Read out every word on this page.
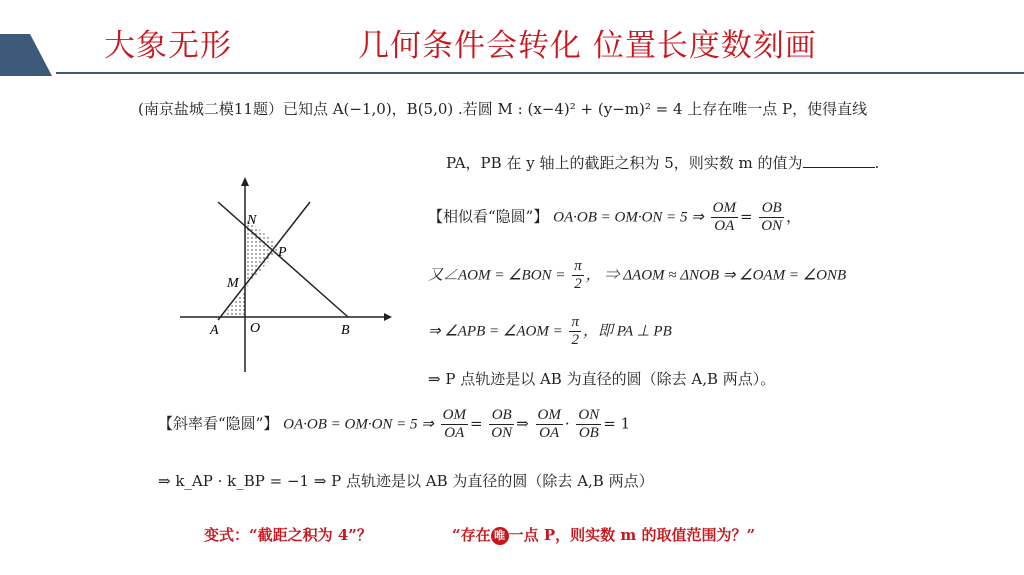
大象无形	几何条件会转化 位置长度数刻画
(南京盐城二模11题）已知点 A(−1,0)，B(5,0) .若圆 M : (x−4)² + (y−m)² = 4 上存在唯一点 P，使得直线
PA，PB 在 y 轴上的截距之积为 5，则实数 m 的值为	.
N
P
M
A O	B
【相似看“隐圆”】 OA·OB = OM·ON = 5 ⇒ $\frac{OM}{OA} = \frac{OB}{ON}$ ，
又∠AOM = ∠BON = $\frac{\pi}{2}$ ， ⇒ ΔAOM ≈ ΔNOB ⇒ ∠OAM = ∠ONB
⇒ ∠APB = ∠AOM = $\frac{\pi}{2}$ ，即 PA ⊥ PB
⇒ P 点轨迹是以 AB 为直径的圆（除去 A,B 两点）。
【斜率看“隐圆”】 OA·OB = OM·ON = 5 ⇒ $\frac{OM}{OA} = \frac{OB}{ON}$ ⇒ $\frac{OM}{OA} \cdot \frac{ON}{OB} = 1$
⇒ k_AP · k_BP = −1 ⇒ P 点轨迹是以 AB 为直径的圆（除去 A,B 两点）
变式：“截距之积为 4”？	“存在 唯 一点 P，则实数 m 的取值范围为？”
